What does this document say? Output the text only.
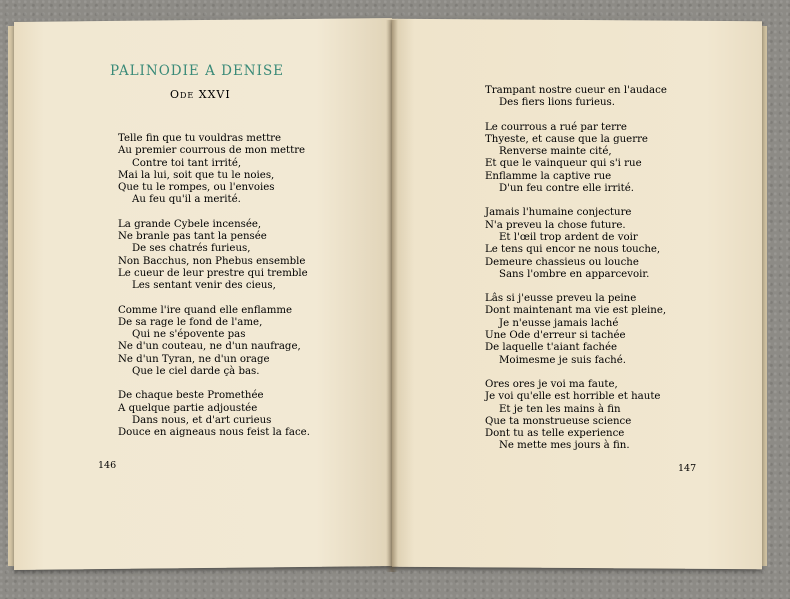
PALINODIE A DENISE
Ode XXVI
Telle fin que tu vouldras mettre
Au premier courrous de mon mettre
Contre toi tant irrité,
Mai la lui, soit que tu le noies,
Que tu le rompes, ou l'envoies
Au feu qu'il a merité.
La grande Cybele incensée,
Ne branle pas tant la pensée
De ses chatrés furieus,
Non Bacchus, non Phebus ensemble
Le cueur de leur prestre qui tremble
Les sentant venir des cieus,
Comme l'ire quand elle enflamme
De sa rage le fond de l'ame,
Qui ne s'épovente pas
Ne d'un couteau, ne d'un naufrage,
Ne d'un Tyran, ne d'un orage
Que le ciel darde çà bas.
De chaque beste Promethée
A quelque partie adjoustée
Dans nous, et d'art curieus
Douce en aigneaus nous feist la face.
146
Trampant nostre cueur en l'audace
Des fiers lions furieus.
Le courrous a rué par terre
Thyeste, et cause que la guerre
Renverse mainte cité,
Et que le vainqueur qui s'i rue
Enflamme la captive rue
D'un feu contre elle irrité.
Jamais l'humaine conjecture
N'a preveu la chose future.
Et l'œil trop ardent de voir
Le tens qui encor ne nous touche,
Demeure chassieus ou louche
Sans l'ombre en apparcevoir.
Lâs si j'eusse preveu la peine
Dont maintenant ma vie est pleine,
Je n'eusse jamais laché
Une Ode d'erreur si tachée
De laquelle t'aiant fachée
Moimesme je suis faché.
Ores ores je voi ma faute,
Je voi qu'elle est horrible et haute
Et je ten les mains à fin
Que ta monstrueuse science
Dont tu as telle experience
Ne mette mes jours à fin.
147
